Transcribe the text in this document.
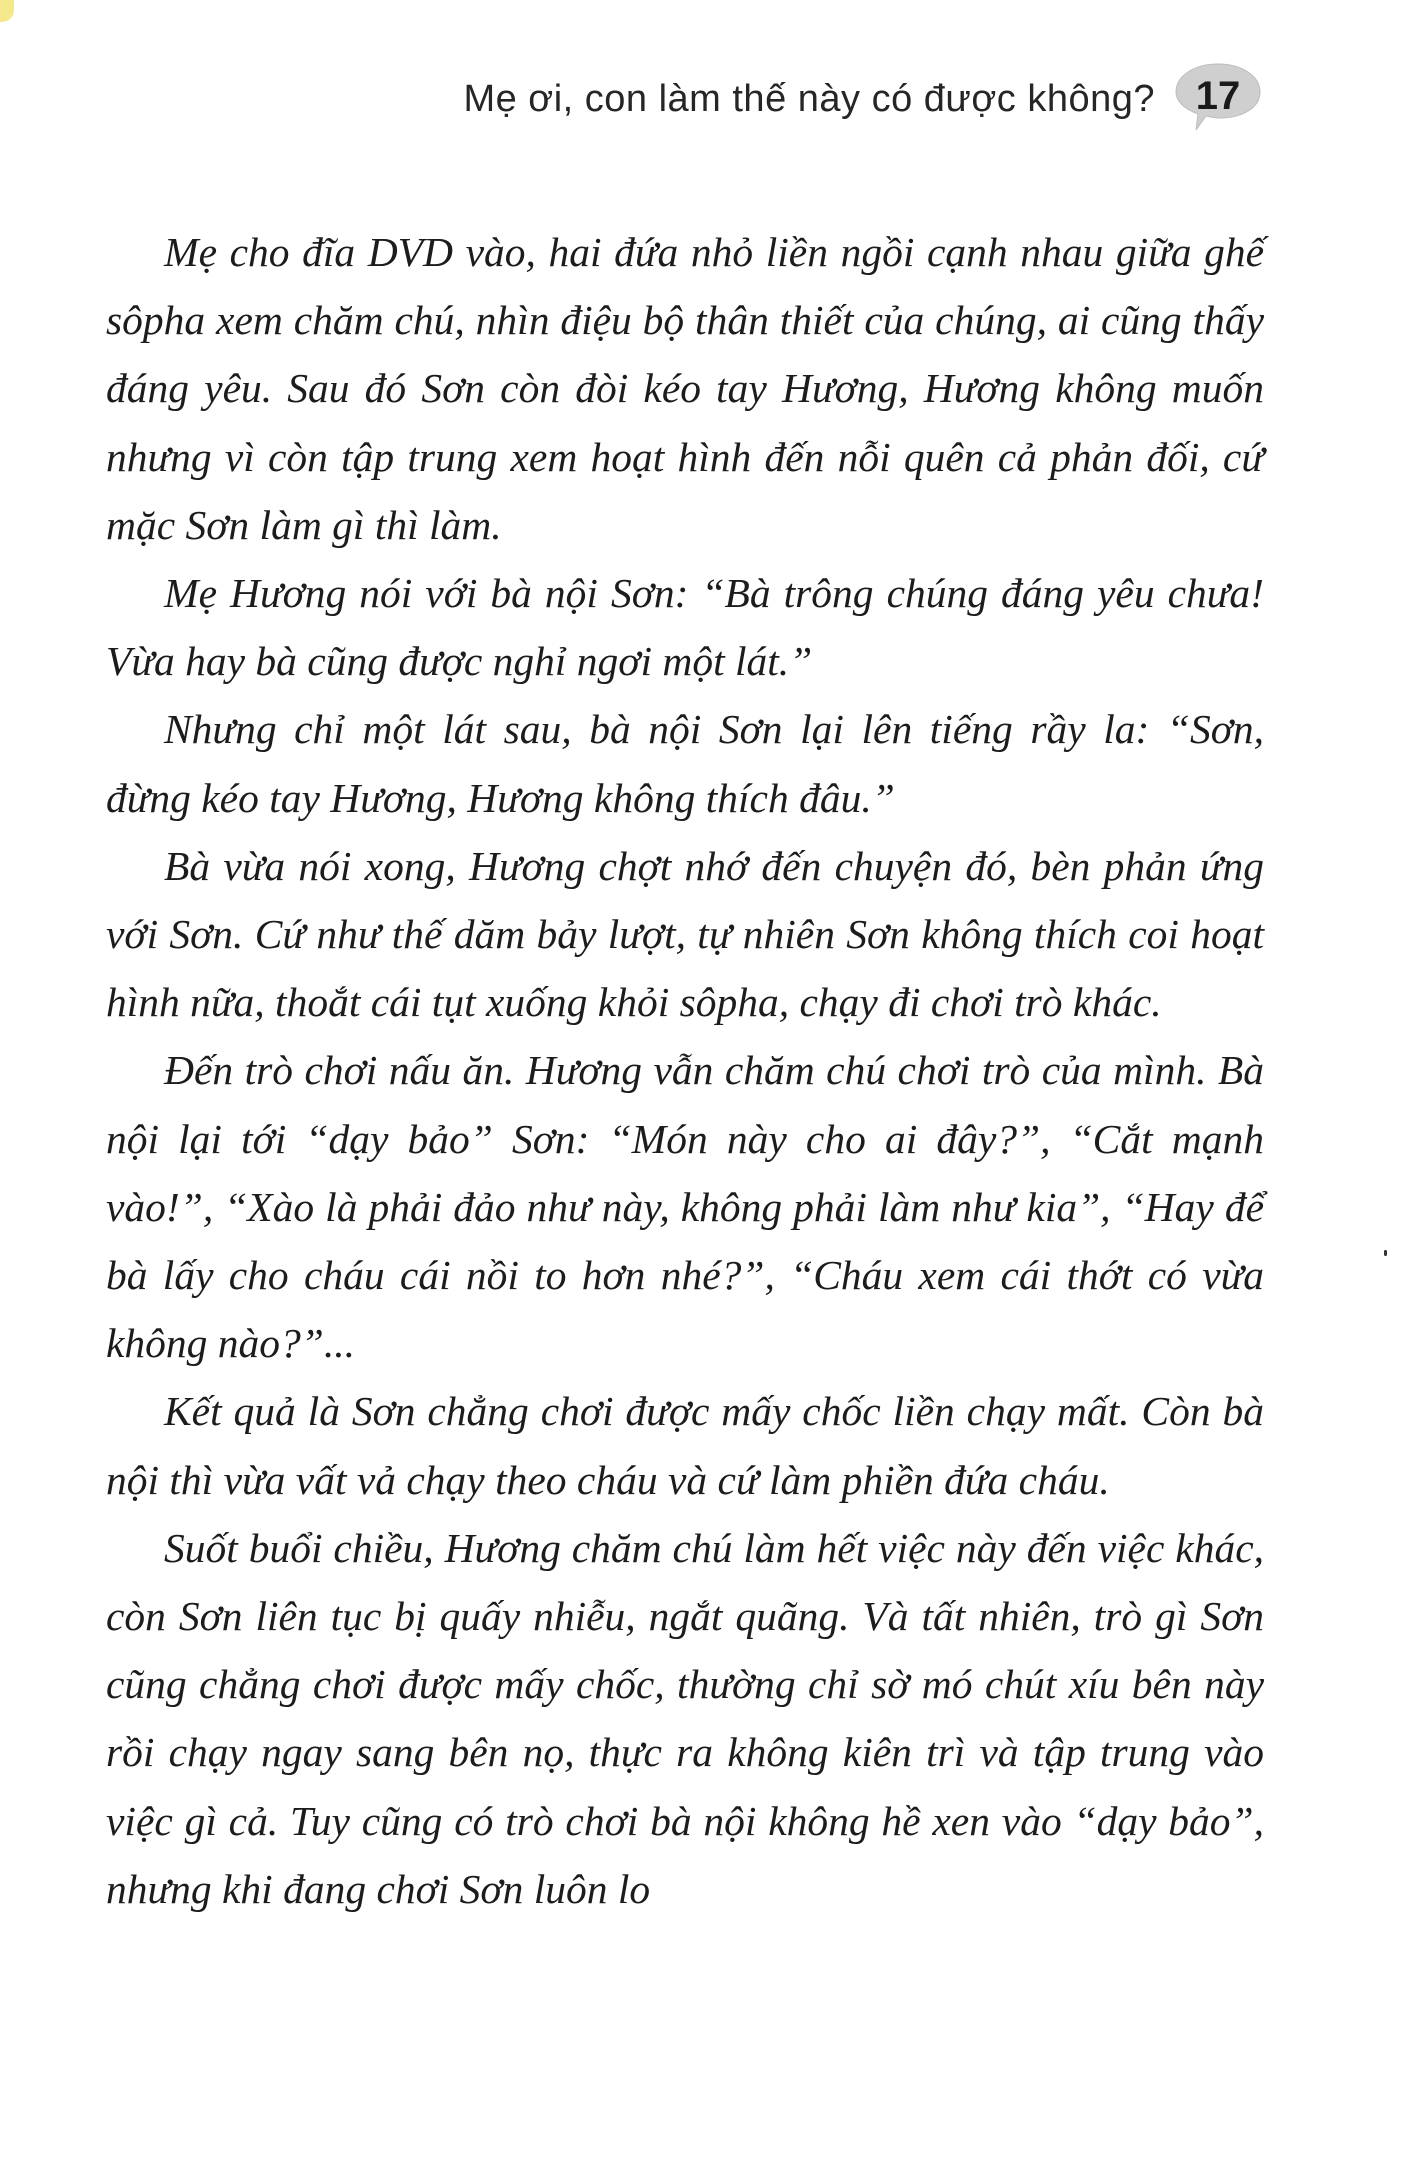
Mẹ ơi, con làm thế này có được không?	17

Mẹ cho đĩa DVD vào, hai đứa nhỏ liền ngồi cạnh nhau giữa ghế sôpha xem chăm chú, nhìn điệu bộ thân thiết của chúng, ai cũng thấy đáng yêu. Sau đó Sơn còn đòi kéo tay Hương, Hương không muốn nhưng vì còn tập trung xem hoạt hình đến nỗi quên cả phản đối, cứ mặc Sơn làm gì thì làm.

Mẹ Hương nói với bà nội Sơn: “Bà trông chúng đáng yêu chưa! Vừa hay bà cũng được nghỉ ngơi một lát.”

Nhưng chỉ một lát sau, bà nội Sơn lại lên tiếng rầy la: “Sơn, đừng kéo tay Hương, Hương không thích đâu.”

Bà vừa nói xong, Hương chợt nhớ đến chuyện đó, bèn phản ứng với Sơn. Cứ như thế dăm bảy lượt, tự nhiên Sơn không thích coi hoạt hình nữa, thoắt cái tụt xuống khỏi sôpha, chạy đi chơi trò khác.

Đến trò chơi nấu ăn. Hương vẫn chăm chú chơi trò của mình. Bà nội lại tới “dạy bảo” Sơn: “Món này cho ai đây?”, “Cắt mạnh vào!”, “Xào là phải đảo như này, không phải làm như kia”, “Hay để bà lấy cho cháu cái nồi to hơn nhé?”, “Cháu xem cái thớt có vừa không nào?”...

Kết quả là Sơn chẳng chơi được mấy chốc liền chạy mất. Còn bà nội thì vừa vất vả chạy theo cháu và cứ làm phiền đứa cháu.

Suốt buổi chiều, Hương chăm chú làm hết việc này đến việc khác, còn Sơn liên tục bị quấy nhiễu, ngắt quãng. Và tất nhiên, trò gì Sơn cũng chẳng chơi được mấy chốc, thường chỉ sờ mó chút xíu bên này rồi chạy ngay sang bên nọ, thực ra không kiên trì và tập trung vào việc gì cả. Tuy cũng có trò chơi bà nội không hề xen vào “dạy bảo”, nhưng khi đang chơi Sơn luôn lo
